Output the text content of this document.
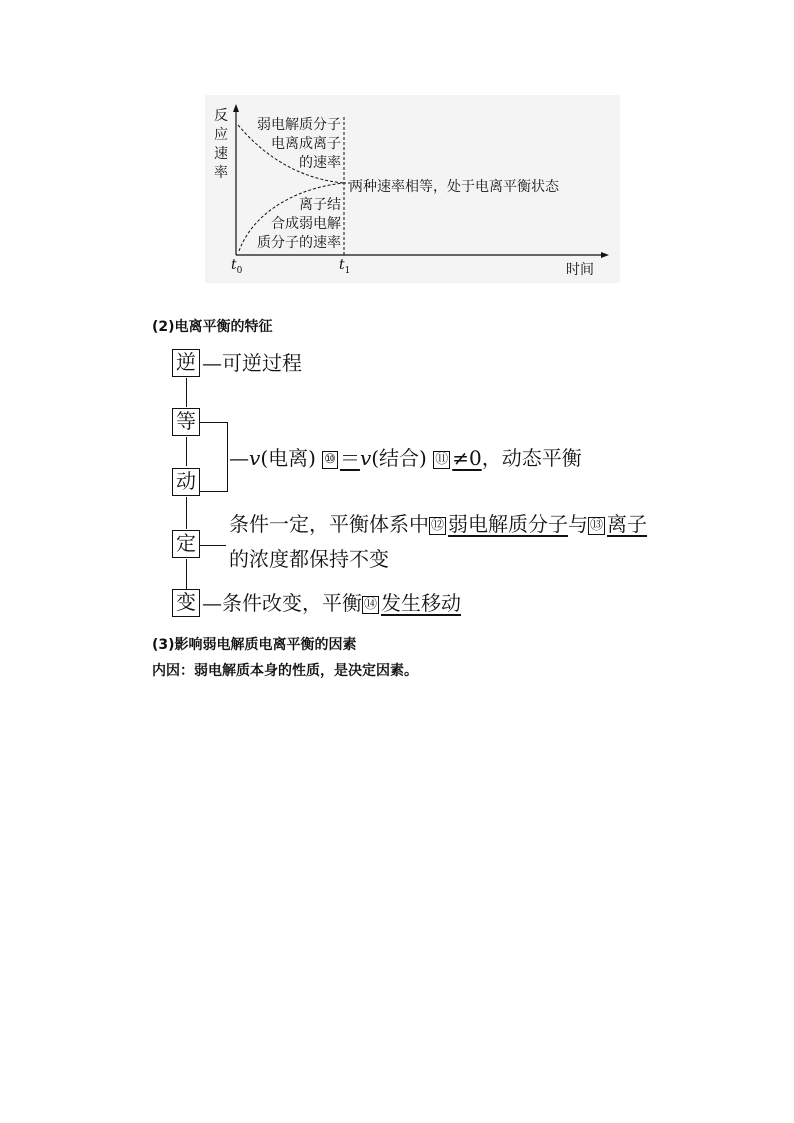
反
应
速
率
弱电解质分子
电离成离子
的速率
两种速率相等，处于电离平衡状态
离子结
合成弱电解
质分子的速率
$t_0$	$t_1$	时间
(2)电离平衡的特征
逆
等
动
定
变
—可逆过程
—v(电离) ⑩ ＝v(结合) ⑪ ≠0，动态平衡
条件一定，平衡体系中 ⑫ 弱电解质分子与 ⑬ 离子
的浓度都保持不变
—条件改变，平衡 ⑭ 发生移动
(3)影响弱电解质电离平衡的因素
内因：弱电解质本身的性质，是决定因素。
